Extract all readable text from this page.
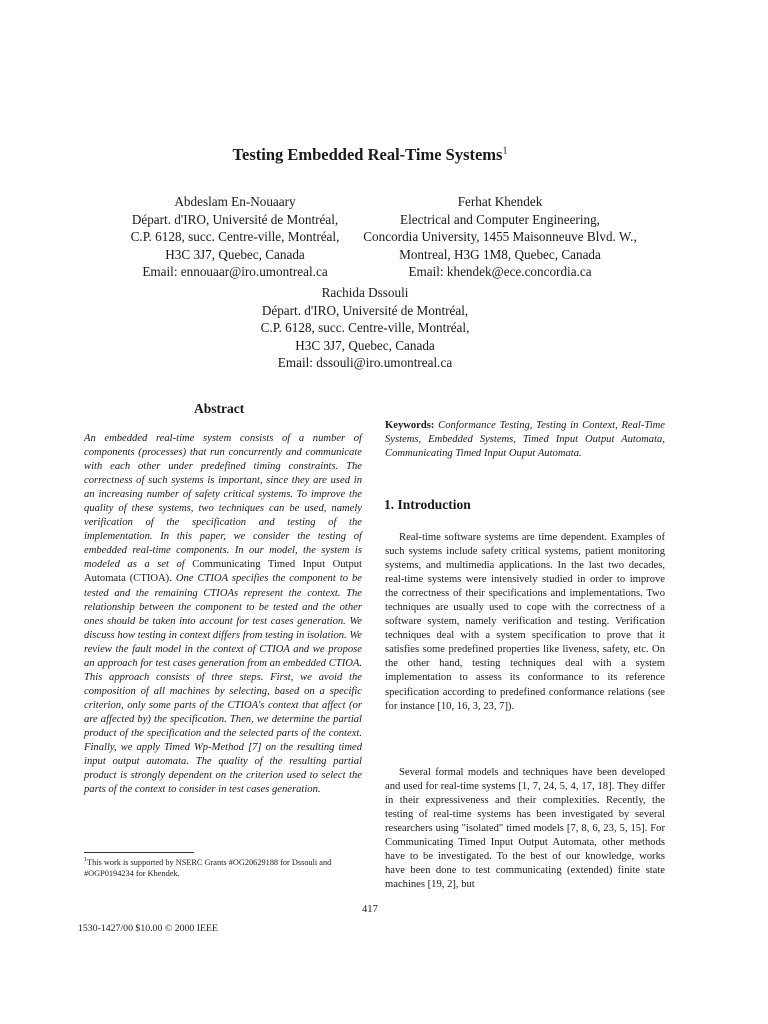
Testing Embedded Real-Time Systems$^1$
Abdeslam En-Nouaary
Départ. d'IRO, Université de Montréal,
C.P. 6128, succ. Centre-ville, Montréal,
H3C 3J7, Quebec, Canada
Email: ennouaar@iro.umontreal.ca
Ferhat Khendek
Electrical and Computer Engineering,
Concordia University, 1455 Maisonneuve Blvd. W.,
Montreal, H3G 1M8, Quebec, Canada
Email: khendek@ece.concordia.ca
Rachida Dssouli
Départ. d'IRO, Université de Montréal,
C.P. 6128, succ. Centre-ville, Montréal,
H3C 3J7, Quebec, Canada
Email: dssouli@iro.umontreal.ca
Abstract
An embedded real-time system consists of a number of components (processes) that run concurrently and communicate with each other under predefined timing constraints. The correctness of such systems is important, since they are used in an increasing number of safety critical systems. To improve the quality of these systems, two techniques can be used, namely verification of the specification and testing of the implementation. In this paper, we consider the testing of embedded real-time components. In our model, the system is modeled as a set of Communicating Timed Input Output Automata (CTIOA). One CTIOA specifies the component to be tested and the remaining CTIOAs represent the context. The relationship between the component to be tested and the other ones should be taken into account for test cases generation. We discuss how testing in context differs from testing in isolation. We review the fault model in the context of CTIOA and we propose an approach for test cases generation from an embedded CTIOA. This approach consists of three steps. First, we avoid the composition of all machines by selecting, based on a specific criterion, only some parts of the CTIOA's context that affect (or are affected by) the specification. Then, we determine the partial product of the specification and the selected parts of the context. Finally, we apply Timed Wp-Method [7] on the resulting timed input output automata. The quality of the resulting partial product is strongly dependent on the criterion used to select the parts of the context to consider in test cases generation.
Keywords: Conformance Testing, Testing in Context, Real-Time Systems, Embedded Systems, Timed Input Output Automata, Communicating Timed Input Ouput Automata.
1. Introduction
Real-time software systems are time dependent. Examples of such systems include safety critical systems, patient monitoring systems, and multimedia applications. In the last two decades, real-time systems were intensively studied in order to improve the correctness of their specifications and implementations. Two techniques are usually used to cope with the correctness of a software system, namely verification and testing. Verification techniques deal with a system specification to prove that it satisfies some predefined properties like liveness, safety, etc. On the other hand, testing techniques deal with a system implementation to assess its conformance to its reference specification according to predefined conformance relations (see for instance [10, 16, 3, 23, 7]).
Several formal models and techniques have been developed and used for real-time systems [1, 7, 24, 5, 4, 17, 18]. They differ in their expressiveness and their complexities. Recently, the testing of real-time systems has been investigated by several researchers using "isolated" timed models [7, 8, 6, 23, 5, 15]. For Communicating Timed Input Output Automata, other methods have to be investigated. To the best of our knowledge, works have been done to test communicating (extended) finite state machines [19, 2], but
$^1$This work is supported by NSERC Grants #OG20629188 for Dssouli and #OGP0194234 for Khendek.
417
1530-1427/00 $10.00 © 2000 IEEE
